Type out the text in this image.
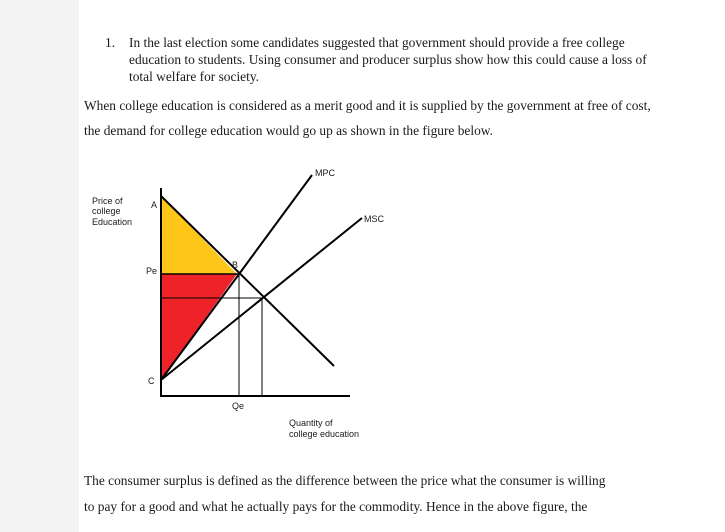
1. In the last election some candidates suggested that government should provide a free college education to students. Using consumer and producer surplus show how this could cause a loss of total welfare for society.
When college education is considered as a merit good and it is supplied by the government at free of cost, the demand for college education would go up as shown in the figure below.
Price of
college
Education
Quantity of
college education
A
B
Pe
C
Qe
MPC
MSC
The consumer surplus is defined as the difference between the price what the consumer is willing
to pay for a good and what he actually pays for the commodity. Hence in the above figure, the
